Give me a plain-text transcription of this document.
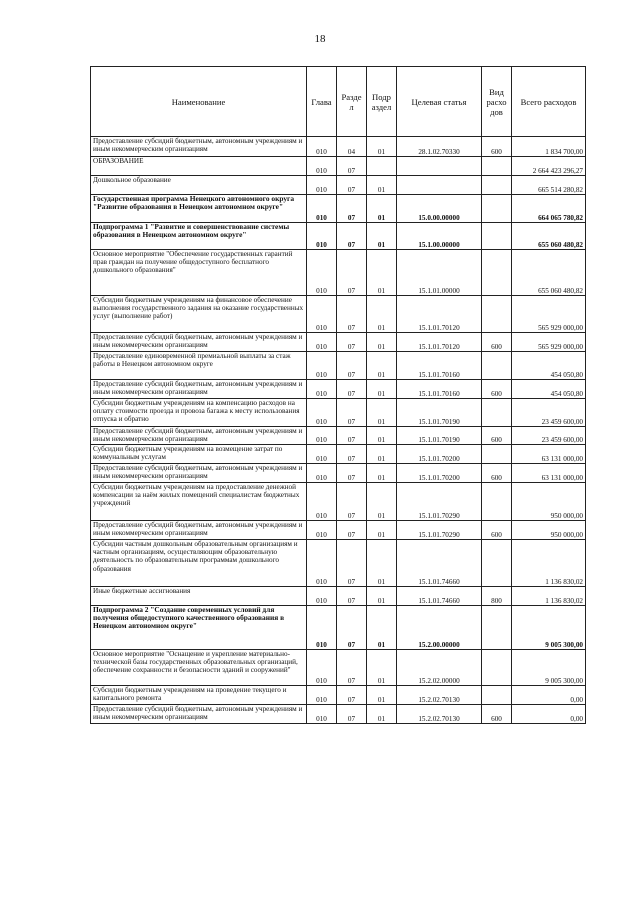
18
Наименование	Глава	Разде л	Подр аздел	Целевая статья	Вид расхо дов	Всего расходов
Предоставление субсидий бюджетным, автономным учреждениям и иным некоммерческим организациям	010	04	01	28.1.02.70330	600	1 834 700,00
ОБРАЗОВАНИЕ	010	07				2 664 423 296,27
Дошкольное образование	010	07	01			665 514 280,82
Государственная программа Ненецкого автономного округа "Развитие образования в Ненецком автономном округе"	010	07	01	15.0.00.00000		664 065 780,82
Подпрограмма 1 "Развитие и совершенствование системы образования в Ненецком автономном округе"	010	07	01	15.1.00.00000		655 060 480,82
Основное мероприятие "Обеспечение государственных гарантий прав граждан на получение общедоступного бесплатного дошкольного образования"	010	07	01	15.1.01.00000		655 060 480,82
Субсидии бюджетным учреждениям на финансовое обеспечение выполнения государственного задания на оказание государственных услуг (выполнение работ)	010	07	01	15.1.01.70120		565 929 000,00
Предоставление субсидий бюджетным, автономным учреждениям и иным некоммерческим организациям	010	07	01	15.1.01.70120	600	565 929 000,00
Предоставление единовременной премиальной выплаты за стаж работы в Ненецком автономном округе	010	07	01	15.1.01.70160		454 050,80
Предоставление субсидий бюджетным, автономным учреждениям и иным некоммерческим организациям	010	07	01	15.1.01.70160	600	454 050,80
Субсидии бюджетным учреждениям на компенсацию расходов на оплату стоимости проезда и провоза багажа к месту использования отпуска и обратно	010	07	01	15.1.01.70190		23 459 600,00
Предоставление субсидий бюджетным, автономным учреждениям и иным некоммерческим организациям	010	07	01	15.1.01.70190	600	23 459 600,00
Субсидии бюджетным учреждениям на возмещение затрат по коммунальным услугам	010	07	01	15.1.01.70200		63 131 000,00
Предоставление субсидий бюджетным, автономным учреждениям и иным некоммерческим организациям	010	07	01	15.1.01.70200	600	63 131 000,00
Субсидии бюджетным учреждениям на предоставление денежной компенсации за наём жилых помещений специалистам бюджетных учреждений	010	07	01	15.1.01.70290		950 000,00
Предоставление субсидий бюджетным, автономным учреждениям и иным некоммерческим организациям	010	07	01	15.1.01.70290	600	950 000,00
Субсидии частным дошкольным образовательным организациям и частным организациям, осуществляющим образовательную деятельность по образовательным программам дошкольного образования	010	07	01	15.1.01.74660		1 136 830,02
Иные бюджетные ассигнования	010	07	01	15.1.01.74660	800	1 136 830,02
Подпрограмма 2 "Создание современных условий для получения общедоступного качественного образования в Ненецком автономном округе"	010	07	01	15.2.00.00000		9 005 300,00
Основное мероприятие "Оснащение и укрепление материально-технической базы государственных образовательных организаций, обеспечение сохранности и безопасности зданий и сооружений"	010	07	01	15.2.02.00000		9 005 300,00
Субсидии бюджетным учреждениям на проведение текущего и капитального ремонта	010	07	01	15.2.02.70130		0,00
Предоставление субсидий бюджетным, автономным учреждениям и иным некоммерческим организациям	010	07	01	15.2.02.70130	600	0,00
